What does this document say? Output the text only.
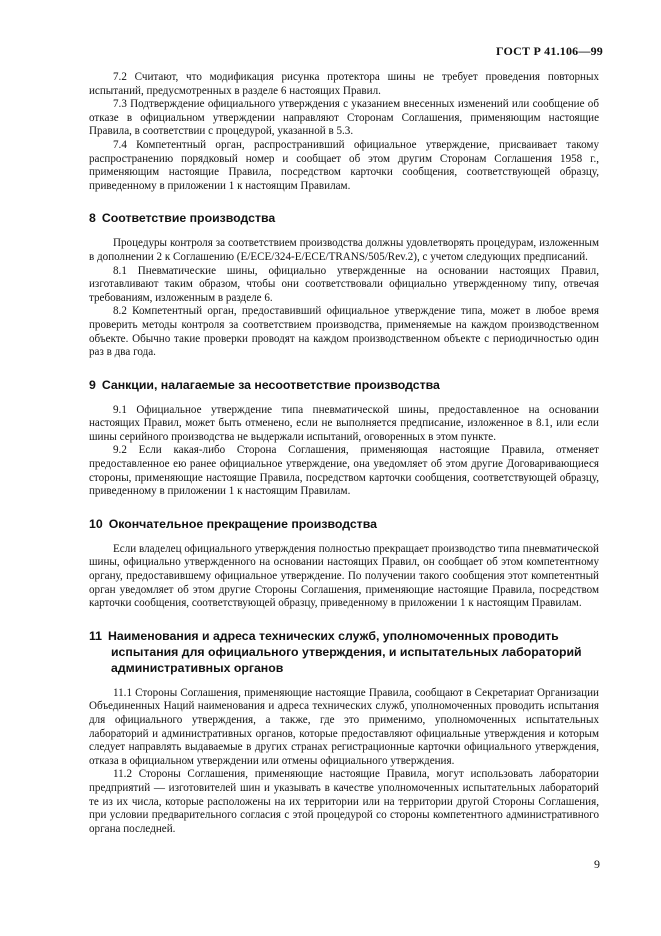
ГОСТ Р 41.106—99

7.2 Считают, что модификация рисунка протектора шины не требует проведения повторных испытаний, предусмотренных в разделе 6 настоящих Правил.

7.3 Подтверждение официального утверждения с указанием внесенных изменений или сообщение об отказе в официальном утверждении направляют Сторонам Соглашения, применяющим настоящие Правила, в соответствии с процедурой, указанной в 5.3.

7.4 Компетентный орган, распространивший официальное утверждение, присваивает такому распространению порядковый номер и сообщает об этом другим Сторонам Соглашения 1958 г., применяющим настоящие Правила, посредством карточки сообщения, соответствующей образцу, приведенному в приложении 1 к настоящим Правилам.

8 Соответствие производства

Процедуры контроля за соответствием производства должны удовлетворять процедурам, изложенным в дополнении 2 к Соглашению (E/ECE/324-E/ECE/TRANS/505/Rev.2), с учетом следующих предписаний.

8.1 Пневматические шины, официально утвержденные на основании настоящих Правил, изготавливают таким образом, чтобы они соответствовали официально утвержденному типу, отвечая требованиям, изложенным в разделе 6.

8.2 Компетентный орган, предоставивший официальное утверждение типа, может в любое время проверить методы контроля за соответствием производства, применяемые на каждом производственном объекте. Обычно такие проверки проводят на каждом производственном объекте с периодичностью один раз в два года.

9 Санкции, налагаемые за несоответствие производства

9.1 Официальное утверждение типа пневматической шины, предоставленное на основании настоящих Правил, может быть отменено, если не выполняется предписание, изложенное в 8.1, или если шины серийного производства не выдержали испытаний, оговоренных в этом пункте.

9.2 Если какая-либо Сторона Соглашения, применяющая настоящие Правила, отменяет предоставленное ею ранее официальное утверждение, она уведомляет об этом другие Договаривающиеся стороны, применяющие настоящие Правила, посредством карточки сообщения, соответствующей образцу, приведенному в приложении 1 к настоящим Правилам.

10 Окончательное прекращение производства

Если владелец официального утверждения полностью прекращает производство типа пневматической шины, официально утвержденного на основании настоящих Правил, он сообщает об этом компетентному органу, предоставившему официальное утверждение. По получении такого сообщения этот компетентный орган уведомляет об этом другие Стороны Соглашения, применяющие настоящие Правила, посредством карточки сообщения, соответствующей образцу, приведенному в приложении 1 к настоящим Правилам.

11 Наименования и адреса технических служб, уполномоченных проводить испытания для официального утверждения, и испытательных лабораторий административных органов

11.1 Стороны Соглашения, применяющие настоящие Правила, сообщают в Секретариат Организации Объединенных Наций наименования и адреса технических служб, уполномоченных проводить испытания для официального утверждения, а также, где это применимо, уполномоченных испытательных лабораторий и административных органов, которые предоставляют официальные утверждения и которым следует направлять выдаваемые в других странах регистрационные карточки официального утверждения, отказа в официальном утверждении или отмены официального утверждения.

11.2 Стороны Соглашения, применяющие настоящие Правила, могут использовать лаборатории предприятий — изготовителей шин и указывать в качестве уполномоченных испытательных лабораторий те из их числа, которые расположены на их территории или на территории другой Стороны Соглашения, при условии предварительного согласия с этой процедурой со стороны компетентного административного органа последней.

9
